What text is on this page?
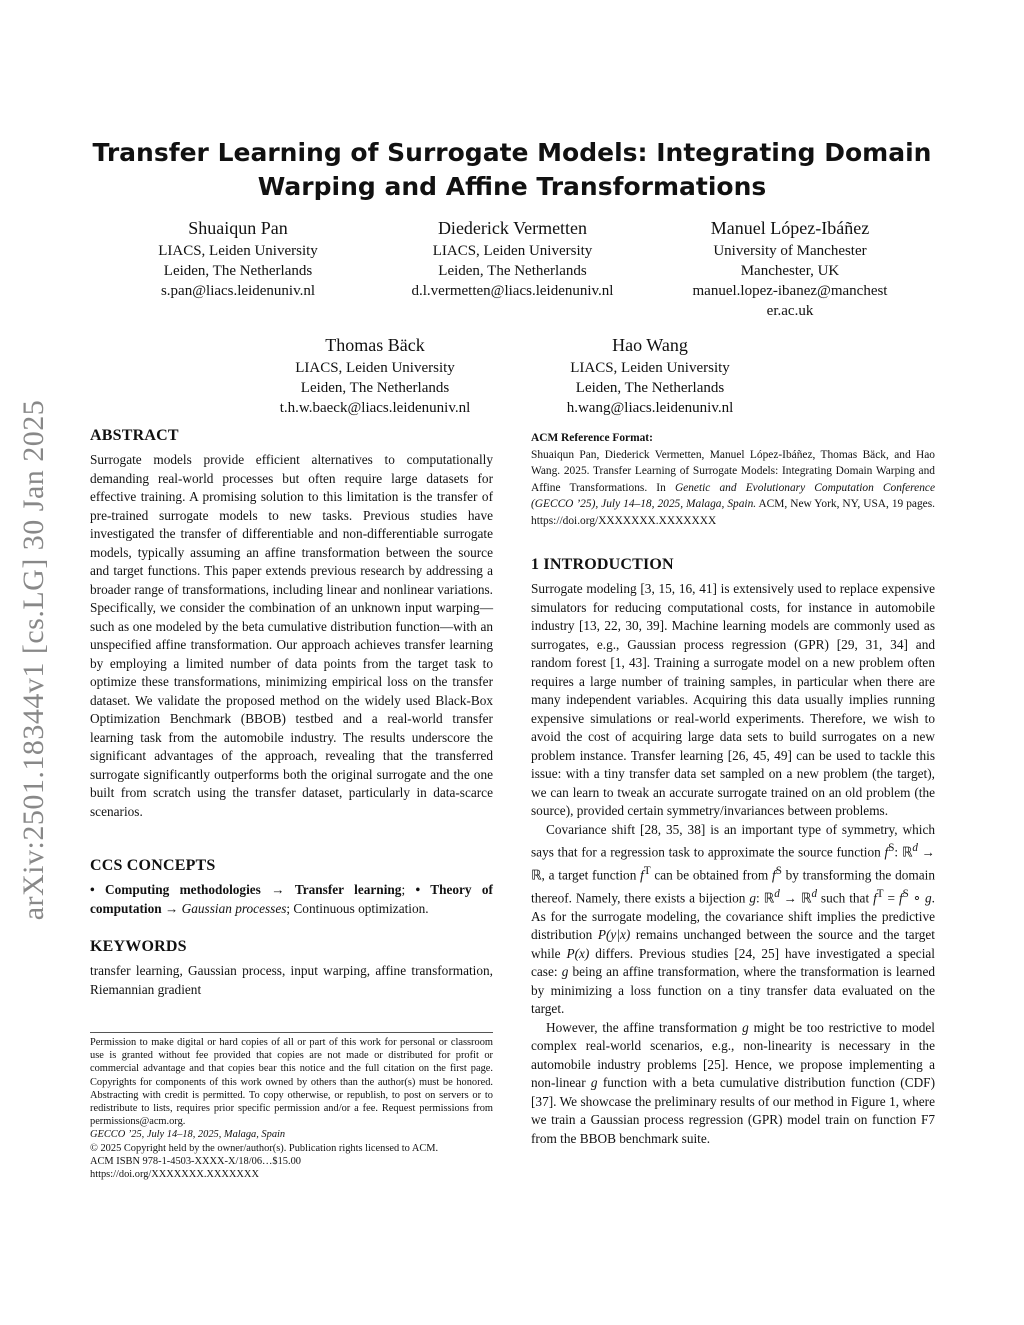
arXiv:2501.18344v1 [cs.LG] 30 Jan 2025
Transfer Learning of Surrogate Models: Integrating Domain Warping and Affine Transformations
Shuaiqun Pan
LIACS, Leiden University
Leiden, The Netherlands
s.pan@liacs.leidenuniv.nl
Diederick Vermetten
LIACS, Leiden University
Leiden, The Netherlands
d.l.vermetten@liacs.leidenuniv.nl
Manuel López-Ibáñez
University of Manchester
Manchester, UK
manuel.lopez-ibanez@manchester.ac.uk
Thomas Bäck
LIACS, Leiden University
Leiden, The Netherlands
t.h.w.baeck@liacs.leidenuniv.nl
Hao Wang
LIACS, Leiden University
Leiden, The Netherlands
h.wang@liacs.leidenuniv.nl
ABSTRACT
Surrogate models provide efficient alternatives to computationally demanding real-world processes but often require large datasets for effective training. A promising solution to this limitation is the transfer of pre-trained surrogate models to new tasks. Previous studies have investigated the transfer of differentiable and non-differentiable surrogate models, typically assuming an affine transformation between the source and target functions. This paper extends previous research by addressing a broader range of transformations, including linear and nonlinear variations. Specifically, we consider the combination of an unknown input warping—such as one modeled by the beta cumulative distribution function—with an unspecified affine transformation. Our approach achieves transfer learning by employing a limited number of data points from the target task to optimize these transformations, minimizing empirical loss on the transfer dataset. We validate the proposed method on the widely used Black-Box Optimization Benchmark (BBOB) testbed and a real-world transfer learning task from the automobile industry. The results underscore the significant advantages of the approach, revealing that the transferred surrogate significantly outperforms both the original surrogate and the one built from scratch using the transfer dataset, particularly in data-scarce scenarios.
CCS CONCEPTS
• Computing methodologies → Transfer learning; • Theory of computation → Gaussian processes; Continuous optimization.
KEYWORDS
transfer learning, Gaussian process, input warping, affine transformation, Riemannian gradient
Permission to make digital or hard copies of all or part of this work for personal or classroom use is granted without fee provided that copies are not made or distributed for profit or commercial advantage and that copies bear this notice and the full citation on the first page. Copyrights for components of this work owned by others than the author(s) must be honored. Abstracting with credit is permitted. To copy otherwise, or republish, to post on servers or to redistribute to lists, requires prior specific permission and/or a fee. Request permissions from permissions@acm.org.
GECCO ’25, July 14–18, 2025, Malaga, Spain
© 2025 Copyright held by the owner/author(s). Publication rights licensed to ACM.
ACM ISBN 978-1-4503-XXXX-X/18/06…$15.00
https://doi.org/XXXXXXX.XXXXXXX
ACM Reference Format:
Shuaiqun Pan, Diederick Vermetten, Manuel López-Ibáñez, Thomas Bäck, and Hao Wang. 2025. Transfer Learning of Surrogate Models: Integrating Domain Warping and Affine Transformations. In Genetic and Evolutionary Computation Conference (GECCO ’25), July 14–18, 2025, Malaga, Spain. ACM, New York, NY, USA, 19 pages. https://doi.org/XXXXXXX.XXXXXXX
1 INTRODUCTION

Surrogate modeling [3, 15, 16, 41] is extensively used to replace expensive simulators for reducing computational costs, for instance in automobile industry [13, 22, 30, 39]. Machine learning models are commonly used as surrogates, e.g., Gaussian process regression (GPR) [29, 31, 34] and random forest [1, 43]. Training a surrogate model on a new problem often requires a large number of training samples, in particular when there are many independent variables. Acquiring this data usually implies running expensive simulations or real-world experiments. Therefore, we wish to avoid the cost of acquiring large data sets to build surrogates on a new problem instance. Transfer learning [26, 45, 49] can be used to tackle this issue: with a tiny transfer data set sampled on a new problem (the target), we can learn to tweak an accurate surrogate trained on an old problem (the source), provided certain symmetry/invariances between problems.

Covariance shift [28, 35, 38] is an important type of symmetry, which says that for a regression task to approximate the source function $f^S$: ℝ$^d$ → ℝ, a target function $f^T$ can be obtained from $f^S$ by transforming the domain thereof. Namely, there exists a bijection g: ℝ$^d$ → ℝ$^d$ such that $f^T = f^S$ ∘ g. As for the surrogate modeling, the covariance shift implies the predictive distribution P(y|x) remains unchanged between the source and the target while P(x) differs. Previous studies [24, 25] have investigated a special case: g being an affine transformation, where the transformation is learned by minimizing a loss function on a tiny transfer data evaluated on the target.

However, the affine transformation g might be too restrictive to model complex real-world scenarios, e.g., non-linearity is necessary in the automobile industry problems [25]. Hence, we propose implementing a non-linear g function with a beta cumulative distribution function (CDF) [37]. We showcase the preliminary results of our method in Figure 1, where we train a Gaussian process regression (GPR) model train on function F7 from the BBOB benchmark suite.
